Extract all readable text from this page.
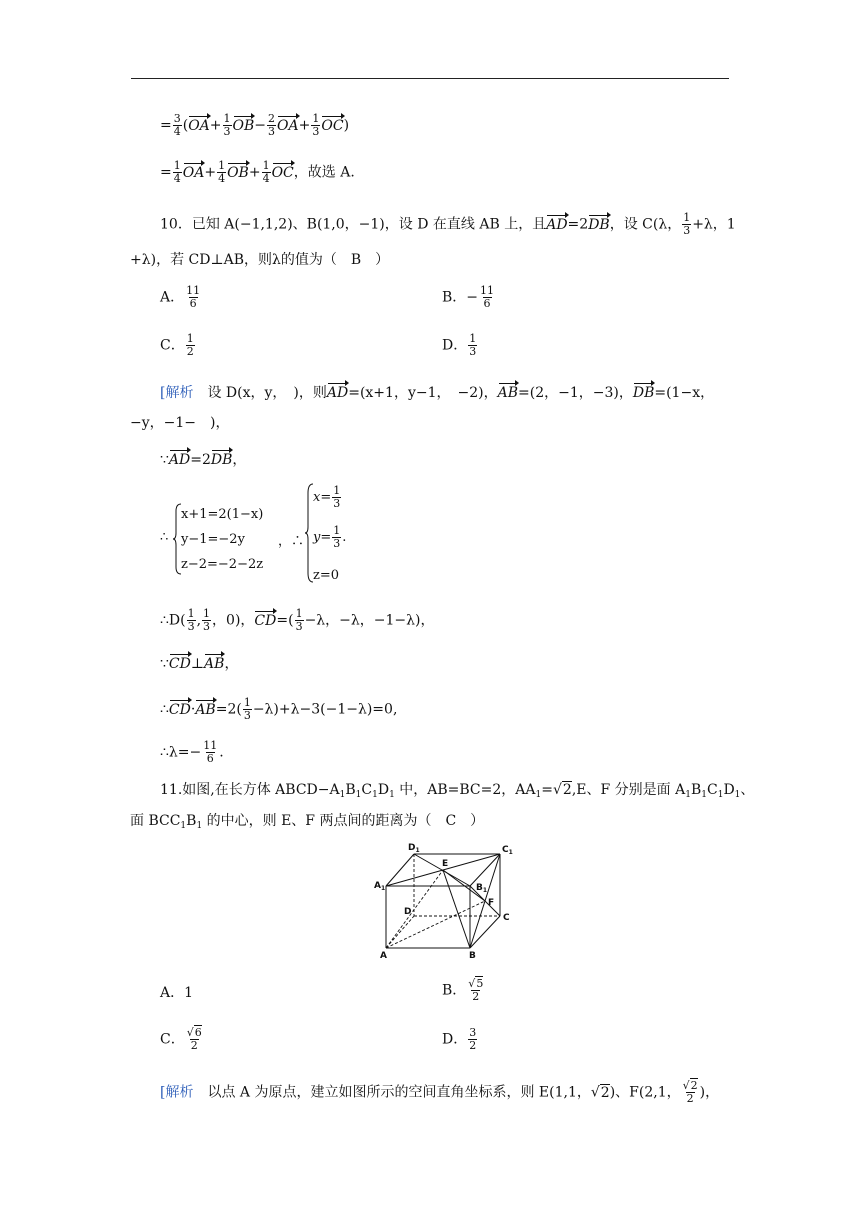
= $\frac{3}{4} (OA+ \frac{1}{3} OB- \frac{2}{3} OA+ \frac{1}{3} OC)$
= $\frac{1}{4} OA+ \frac{1}{4} OB+ \frac{1}{4}$ OC，故选 A.
10．已知 A(−1,1,2)、B(1,0，−1)，设 D 在直线 AB 上，且AD=2DB，设 C(λ， $\frac{1}{3} +\lambda$，1
+λ)，若 CD⊥AB，则λ的值为（　B　）
A． $\frac{11}{6}$	B．− $\frac{11}{6}$
C． $\frac{1}{2}$	D． $\frac{1}{3}$
[解析　设 D(x，y，　)，则AD=(x+1，y−1，　−2)，AB=(2，−1，−3)，DB=(1−x，
−y，−1−　)，
∵AD=2DB，
∴
x+1=2(1−x)
y−1=−2y
z−2=−2−2z
，∴
$x= \frac{1}{3}$
$y= \frac{1}{3}$ .
z=0
∴D( $\frac{1}{3}$ , $\frac{1}{3}$ ，0)，$CD=( \frac{1}{3} -\lambda$，−λ，−1−λ)，
∵CD⊥AB，
∴CD·AB=2( $\frac{1}{3} -\lambda)+\lambda-3(-1-\lambda)=0$,
∴λ=− $\frac{11}{6}$ .
11.如图,在长方体 $ABCD-A_1B_1C_1D_1$ 中，AB=BC=2，$AA_1=√2,E$、F 分别是面 $A_1B_1C_1D_1$、
面 $BCC_1B_1$ 的中心，则 E、F 两点间的距离为（　C　）
$D_1$
E
$C_1$
$A_1$	$B_1$
F
D
C
A	B
A．1	B． $\frac{√5}{2}$
C． $\frac{√6}{2}$	D． $\frac{3}{2}$
[解析　以点 A 为原点，建立如图所示的空间直角坐标系，则 E(1,1，√2)、F(2,1， $\frac{√2}{2}$ )，
